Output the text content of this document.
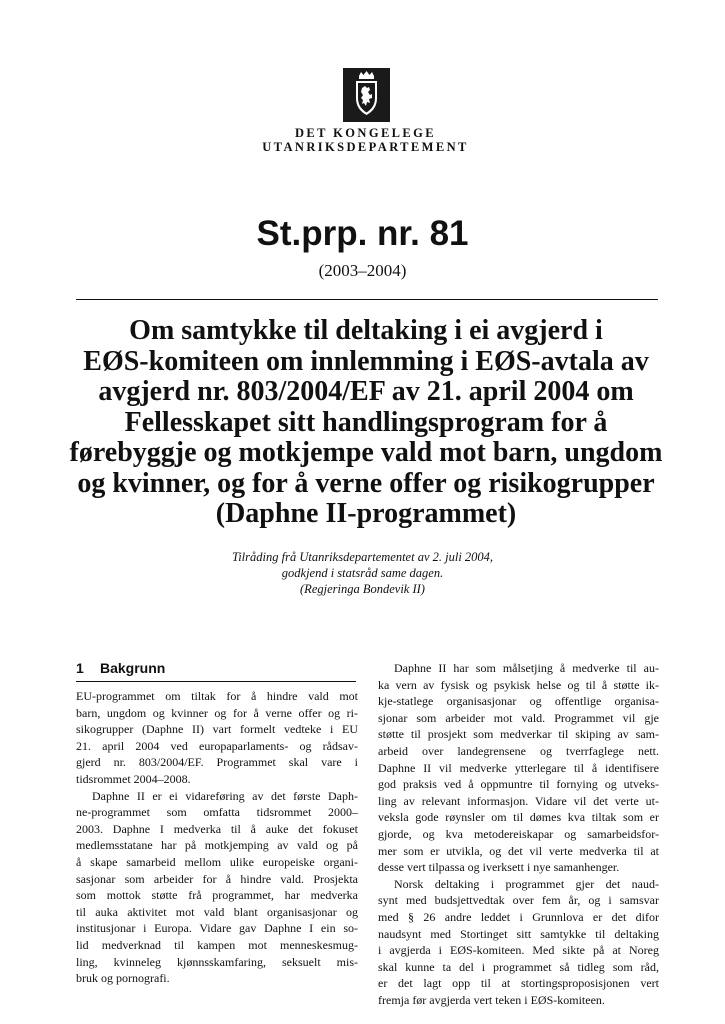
DET KONGELEGE
UTANRIKSDEPARTEMENT
St.prp. nr. 81
(2003–2004)
Om samtykke til deltaking i ei avgjerd i
EØS-komiteen om innlemming i EØS-avtala av
avgjerd nr. 803/2004/EF av 21. april 2004 om
Fellesskapet sitt handlingsprogram for å
førebyggje og motkjempe vald mot barn, ungdom
og kvinner, og for å verne offer og risikogrupper
(Daphne II-programmet)
Tilråding frå Utanriksdepartementet av 2. juli 2004,
godkjend i statsråd same dagen.
(Regjeringa Bondevik II)
1 Bakgrunn

EU-programmet om tiltak for å hindre vald mot
barn, ungdom og kvinner og for å verne offer og ri-
sikogrupper (Daphne II) vart formelt vedteke i EU
21. april 2004 ved europaparlaments- og rådsav-
gjerd nr. 803/2004/EF. Programmet skal vare i
tidsrommet 2004–2008.

Daphne II er ei vidareføring av det første Daph-
ne-programmet som omfatta tidsrommet 2000–
2003. Daphne I medverka til å auke det fokuset
medlemsstatane har på motkjemping av vald og på
å skape samarbeid mellom ulike europeiske organi-
sasjonar som arbeider for å hindre vald. Prosjekta
som mottok støtte frå programmet, har medverka
til auka aktivitet mot vald blant organisasjonar og
institusjonar i Europa. Vidare gav Daphne I ein so-
lid medverknad til kampen mot menneskesmug-
ling, kvinneleg kjønnsskamfaring, seksuelt mis-
bruk og pornografi.

Daphne II har som målsetjing å medverke til au-
ka vern av fysisk og psykisk helse og til å støtte ik-
kje-statlege organisasjonar og offentlige organisa-
sjonar som arbeider mot vald. Programmet vil gje
støtte til prosjekt som medverkar til skiping av sam-
arbeid over landegrensene og tverrfaglege nett.
Daphne II vil medverke ytterlegare til å identifisere
god praksis ved å oppmuntre til fornying og utveks-
ling av relevant informasjon. Vidare vil det verte ut-
veksla gode røynsler om til dømes kva tiltak som er
gjorde, og kva metodereiskapar og samarbeidsfor-
mer som er utvikla, og det vil verte medverka til at
desse vert tilpassa og iverksett i nye samanhenger.

Norsk deltaking i programmet gjer det naud-
synt med budsjettvedtak over fem år, og i samsvar
med § 26 andre leddet i Grunnlova er det difor
naudsynt med Stortinget sitt samtykke til deltaking
i avgjerda i EØS-komiteen. Med sikte på at Noreg
skal kunne ta del i programmet så tidleg som råd,
er det lagt opp til at stortingsproposisjonen vert
fremja før avgjerda vert teken i EØS-komiteen.
